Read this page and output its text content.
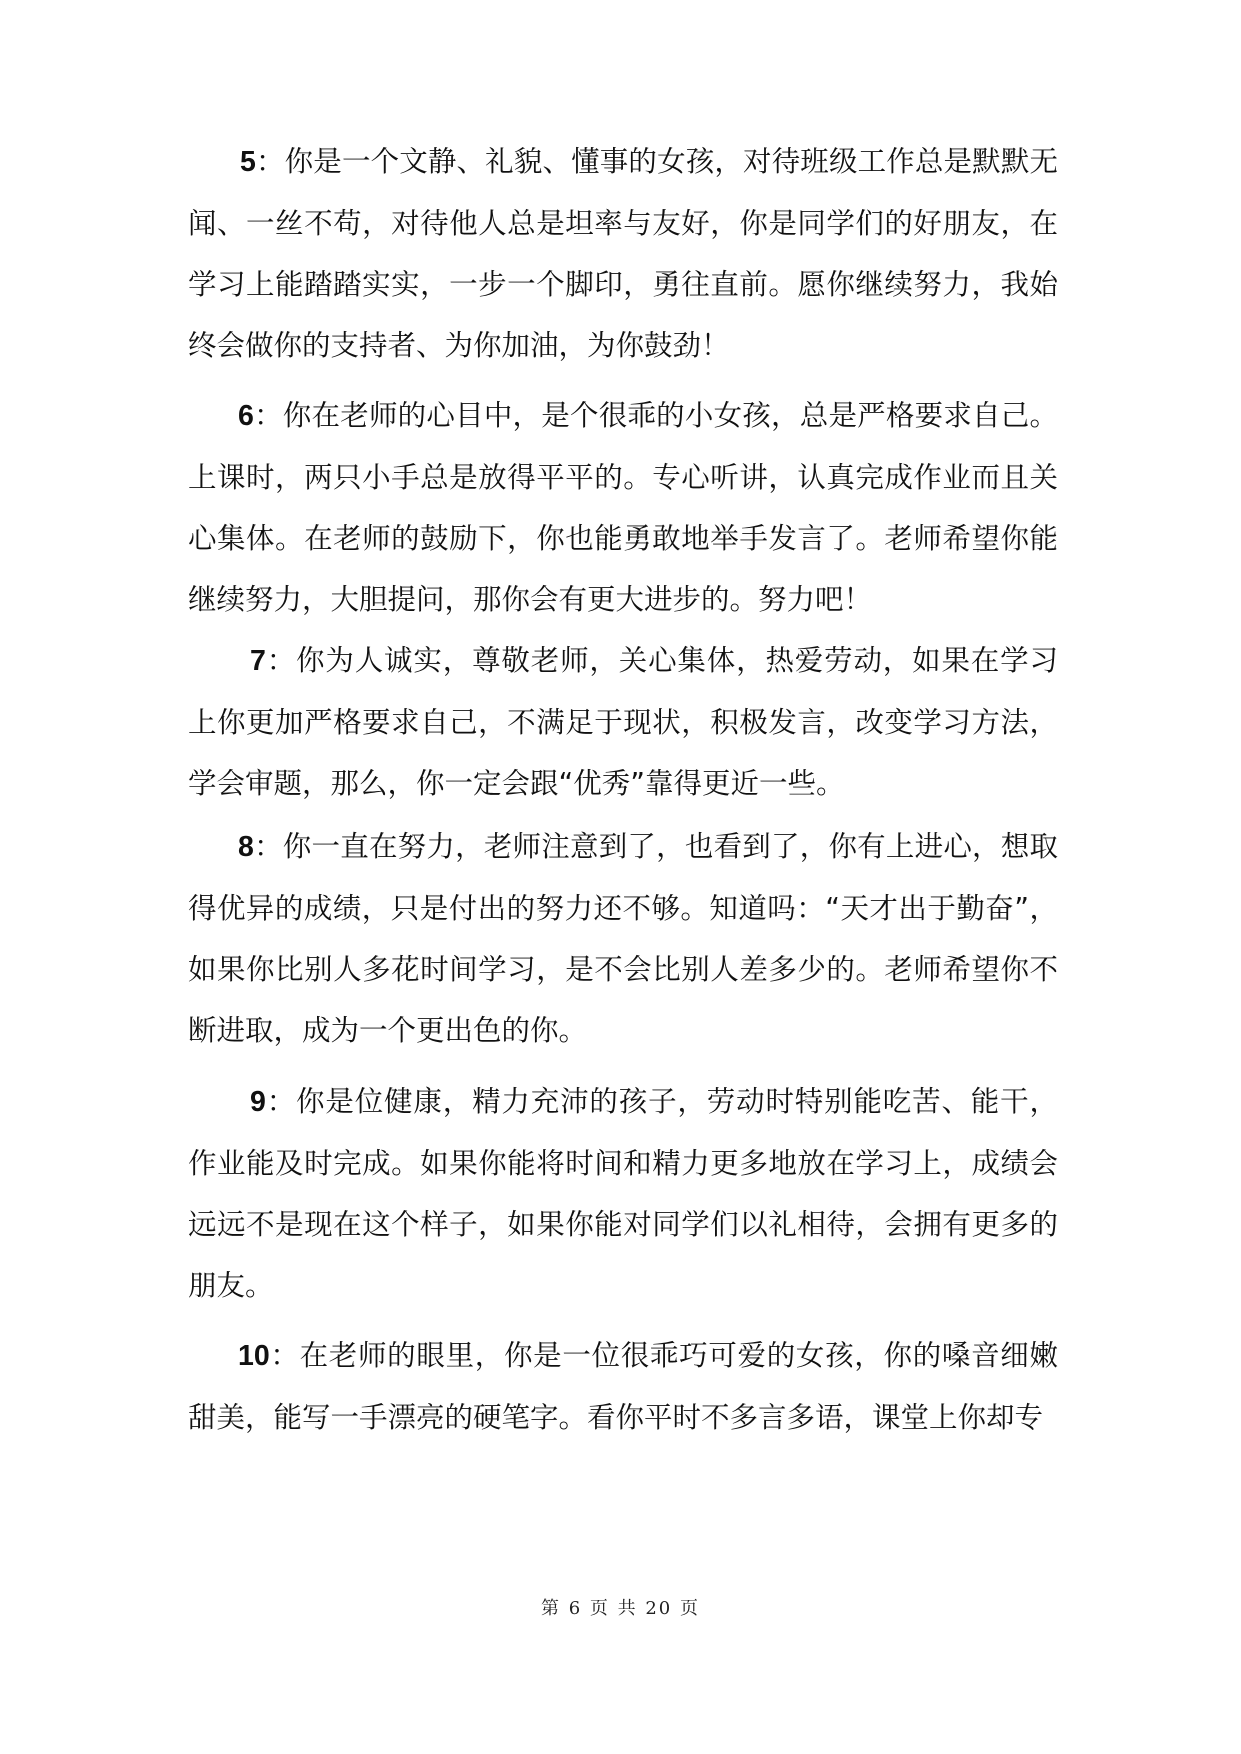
5：你是一个文静、礼貌、懂事的女孩，对待班级工作总是默默无闻、一丝不苟，对待他人总是坦率与友好，你是同学们的好朋友，在学习上能踏踏实实，一步一个脚印，勇往直前。愿你继续努力，我始终会做你的支持者、为你加油，为你鼓劲！

6：你在老师的心目中，是个很乖的小女孩，总是严格要求自己。上课时，两只小手总是放得平平的。专心听讲，认真完成作业而且关心集体。在老师的鼓励下，你也能勇敢地举手发言了。老师希望你能继续努力，大胆提问，那你会有更大进步的。努力吧！

7：你为人诚实，尊敬老师，关心集体，热爱劳动，如果在学习上你更加严格要求自己，不满足于现状，积极发言，改变学习方法，学会审题，那么，你一定会跟“优秀”靠得更近一些。

8：你一直在努力，老师注意到了，也看到了，你有上进心，想取得优异的成绩，只是付出的努力还不够。知道吗：“天才出于勤奋”，如果你比别人多花时间学习，是不会比别人差多少的。老师希望你不断进取，成为一个更出色的你。

9：你是位健康，精力充沛的孩子，劳动时特别能吃苦、能干，作业能及时完成。如果你能将时间和精力更多地放在学习上，成绩会远远不是现在这个样子，如果你能对同学们以礼相待，会拥有更多的朋友。

10：在老师的眼里，你是一位很乖巧可爱的女孩，你的嗓音细嫩甜美，能写一手漂亮的硬笔字。看你平时不多言多语，课堂上你却专

第 6 页 共 20 页
